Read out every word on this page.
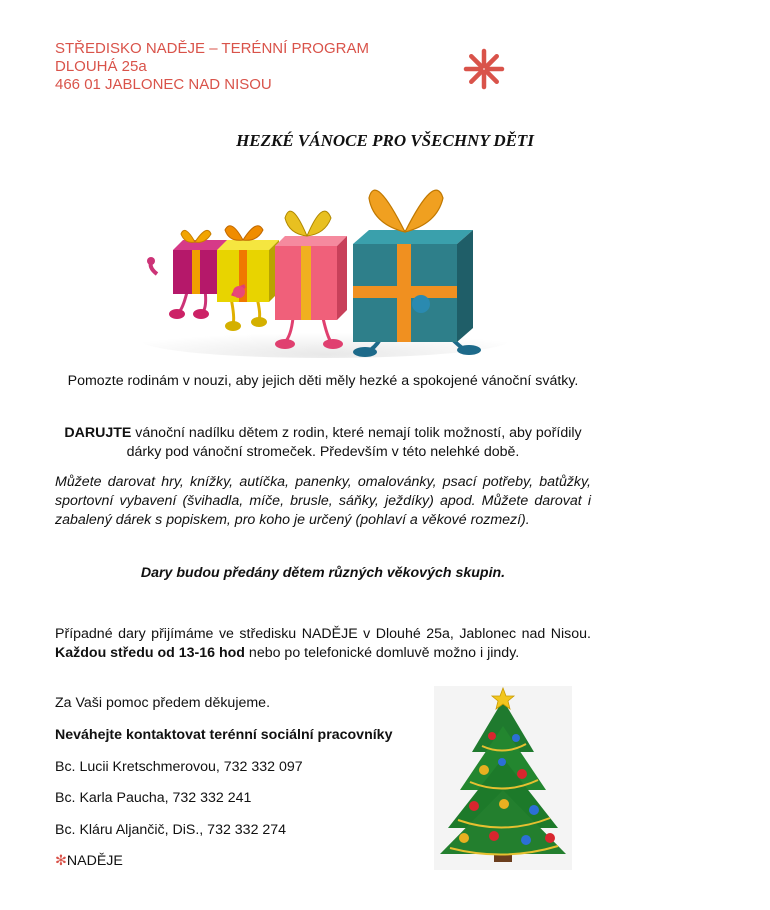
STŘEDISKO NADĚJE – TERÉNNÍ PROGRAM
DLOUHÁ 25a
466 01 JABLONEC NAD NISOU
HEZKÉ VÁNOCE PRO VŠECHNY DĚTI
Pomozte rodinám v nouzi, aby jejich děti měly hezké a spokojené vánoční svátky.
DARUJTE vánoční nadílku dětem z rodin, které nemají tolik možností, aby pořídily dárky pod vánoční stromeček. Především v této nelehké době.
Můžete darovat hry, knížky, autíčka, panenky, omalovánky, psací potřeby, batůžky, sportovní vybavení (švihadla, míče, brusle, sáňky, ježdíky) apod. Můžete darovat i zabalený dárek s popiskem, pro koho je určený (pohlaví a věkové rozmezí).
Dary budou předány dětem různých věkových skupin.
Případné dary přijímáme ve středisku NADĚJE v Dlouhé 25a, Jablonec nad Nisou. Každou středu od 13-16 hod nebo po telefonické domluvě možno i jindy.
Za Vaši pomoc předem děkujeme.
Neváhejte kontaktovat terénní sociální pracovníky
Bc. Lucii Kretschmerovou, 732 332 097
Bc. Karla Paucha, 732 332 241
Bc. Kláru Aljančič, DiS., 732 332 274
✻NADĚJE
